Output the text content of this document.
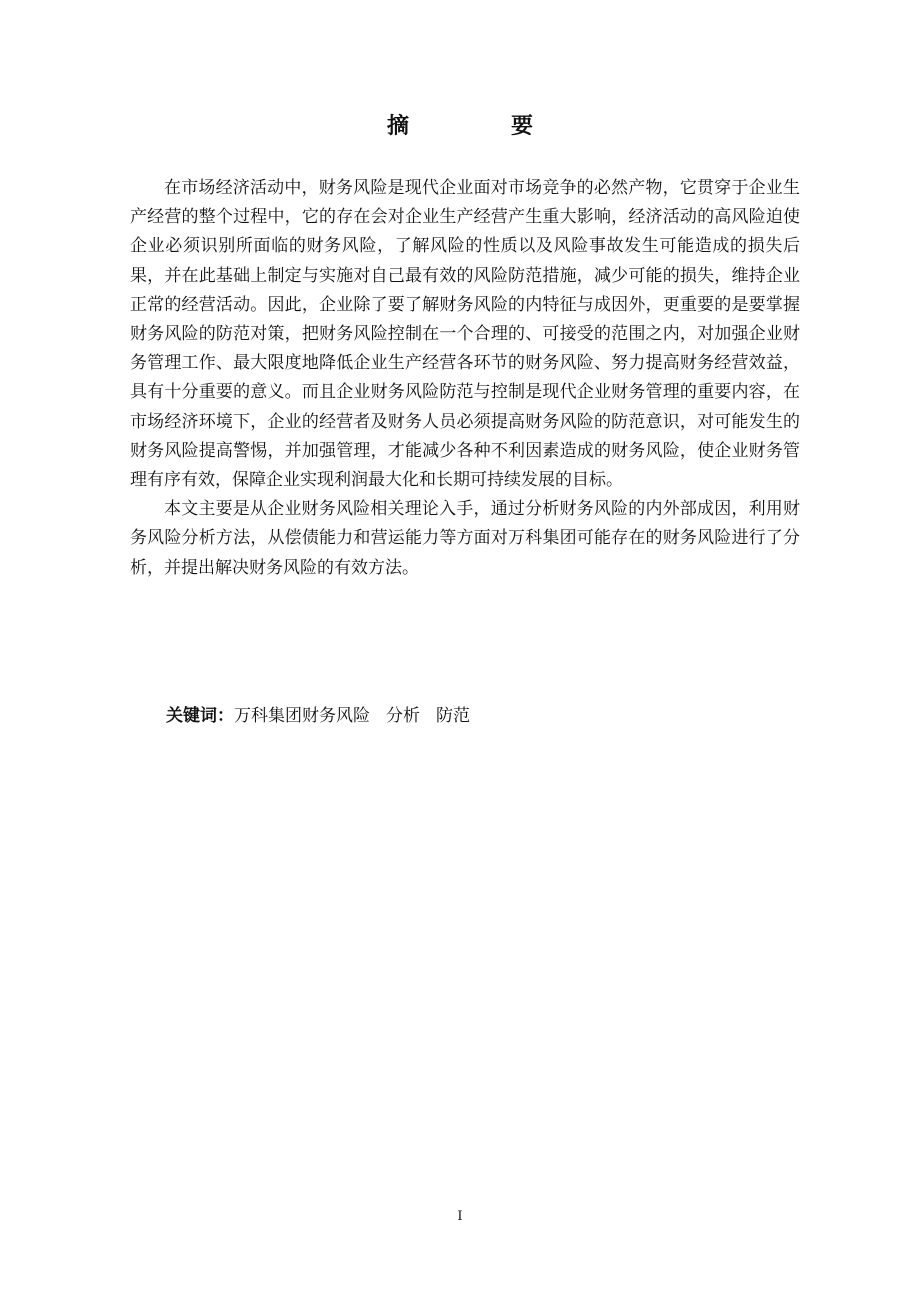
摘　要

在市场经济活动中，财务风险是现代企业面对市场竞争的必然产物，它贯穿于企业生产经营的整个过程中，它的存在会对企业生产经营产生重大影响，经济活动的高风险迫使企业必须识别所面临的财务风险，了解风险的性质以及风险事故发生可能造成的损失后果，并在此基础上制定与实施对自己最有效的风险防范措施，减少可能的损失，维持企业正常的经营活动。因此，企业除了要了解财务风险的内特征与成因外，更重要的是要掌握财务风险的防范对策，把财务风险控制在一个合理的、可接受的范围之内，对加强企业财务管理工作、最大限度地降低企业生产经营各环节的财务风险、努力提高财务经营效益，具有十分重要的意义。而且企业财务风险防范与控制是现代企业财务管理的重要内容，在市场经济环境下，企业的经营者及财务人员必须提高财务风险的防范意识，对可能发生的财务风险提高警惕，并加强管理，才能减少各种不利因素造成的财务风险，使企业财务管理有序有效，保障企业实现利润最大化和长期可持续发展的目标。

本文主要是从企业财务风险相关理论入手，通过分析财务风险的内外部成因，利用财务风险分析方法，从偿债能力和营运能力等方面对万科集团可能存在的财务风险进行了分析，并提出解决财务风险的有效方法。

关键词：万科集团财务风险 分析 防范
I
